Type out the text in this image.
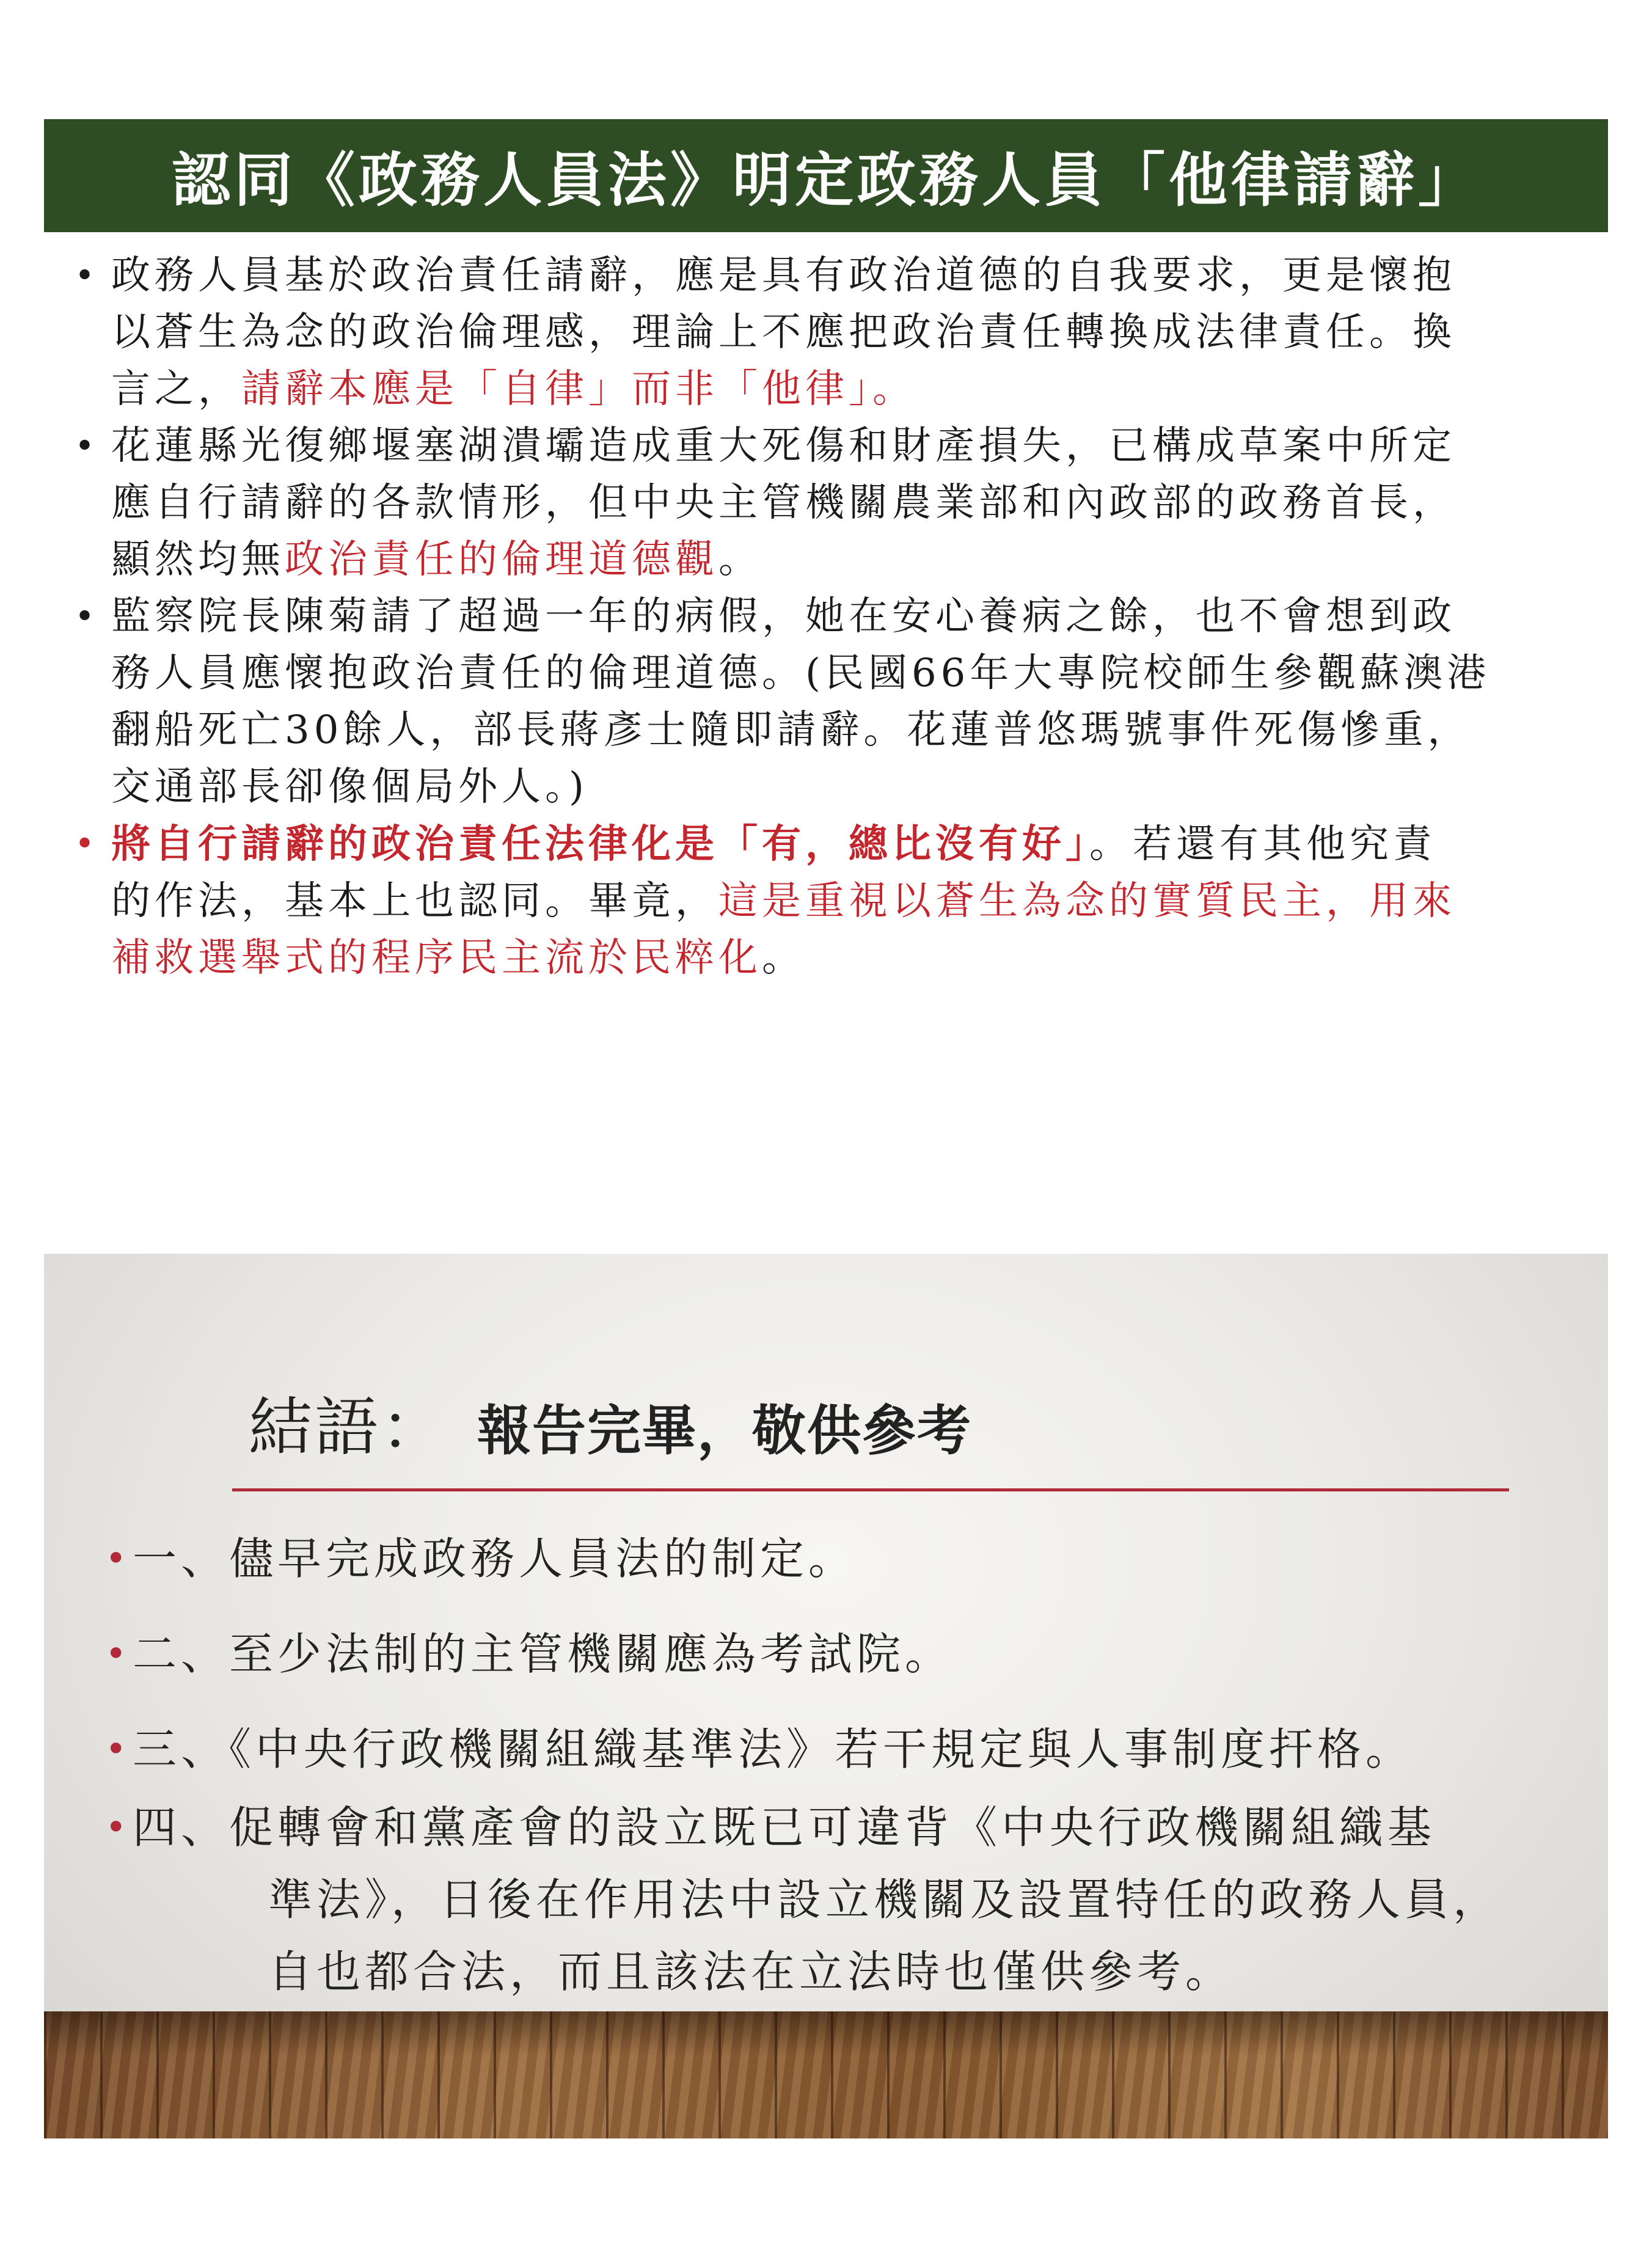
認同《政務人員法》明定政務人員「他律請辭」
• 政務人員基於政治責任請辭，應是具有政治道德的自我要求，更是懷抱
以蒼生為念的政治倫理感，理論上不應把政治責任轉換成法律責任。換
言之，請辭本應是「自律」而非「他律」。
• 花蓮縣光復鄉堰塞湖潰壩造成重大死傷和財產損失，已構成草案中所定
應自行請辭的各款情形，但中央主管機關農業部和內政部的政務首長，
顯然均無政治責任的倫理道德觀。
• 監察院長陳菊請了超過一年的病假，她在安心養病之餘，也不會想到政
務人員應懷抱政治責任的倫理道德。(民國66年大專院校師生參觀蘇澳港
翻船死亡30餘人，部長蔣彥士隨即請辭。花蓮普悠瑪號事件死傷慘重，
交通部長卻像個局外人。)
• 將自行請辭的政治責任法律化是「有，總比沒有好」。若還有其他究責
的作法，基本上也認同。畢竟，這是重視以蒼生為念的實質民主，用來
補救選舉式的程序民主流於民粹化。
結語： 報告完畢，敬供參考
• 一、儘早完成政務人員法的制定。
• 二、至少法制的主管機關應為考試院。
• 三、《中央行政機關組織基準法》若干規定與人事制度扞格。
• 四、促轉會和黨產會的設立既已可違背《中央行政機關組織基
準法》，日後在作用法中設立機關及設置特任的政務人員，
自也都合法，而且該法在立法時也僅供參考。
